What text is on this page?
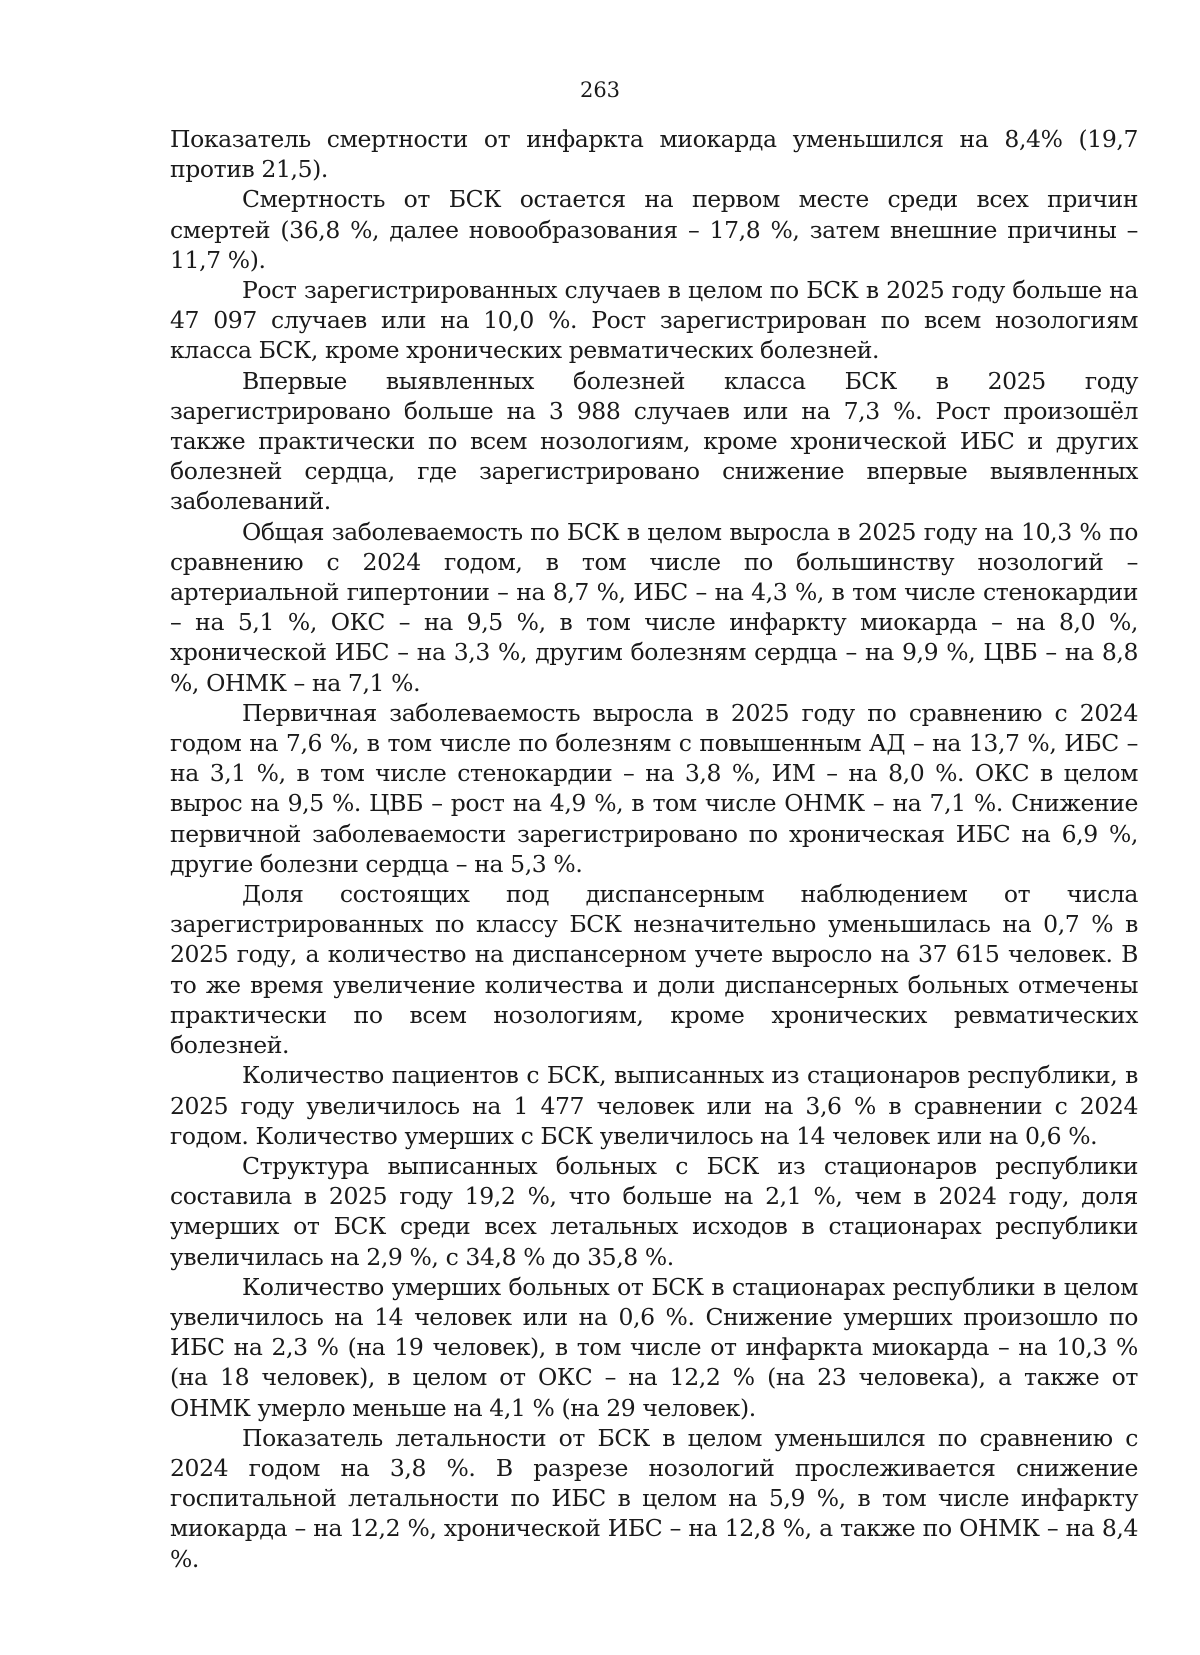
263

Показатель смертности от инфаркта миокарда уменьшился на 8,4% (19,7 против 21,5).

Смертность от БСК остается на первом месте среди всех причин смертей (36,8 %, далее новообразования – 17,8 %, затем внешние причины – 11,7 %).

Рост зарегистрированных случаев в целом по БСК в 2025 году больше на 47 097 случаев или на 10,0 %. Рост зарегистрирован по всем нозологиям класса БСК, кроме хронических ревматических болезней.

Впервые выявленных болезней класса БСК в 2025 году зарегистрировано больше на 3 988 случаев или на 7,3 %. Рост произошёл также практически по всем нозологиям, кроме хронической ИБС и других болезней сердца, где зарегистрировано снижение впервые выявленных заболеваний.

Общая заболеваемость по БСК в целом выросла в 2025 году на 10,3 % по сравнению с 2024 годом, в том числе по большинству нозологий – артериальной гипертонии – на 8,7 %, ИБС – на 4,3 %, в том числе стенокардии – на 5,1 %, ОКС – на 9,5 %, в том числе инфаркту миокарда – на 8,0 %, хронической ИБС – на 3,3 %, другим болезням сердца – на 9,9 %, ЦВБ – на 8,8 %, ОНМК – на 7,1 %.

Первичная заболеваемость выросла в 2025 году по сравнению с 2024 годом на 7,6 %, в том числе по болезням с повышенным АД – на 13,7 %, ИБС – на 3,1 %, в том числе стенокардии – на 3,8 %, ИМ – на 8,0 %. ОКС в целом вырос на 9,5 %. ЦВБ – рост на 4,9 %, в том числе ОНМК – на 7,1 %. Снижение первичной заболеваемости зарегистрировано по хроническая ИБС на 6,9 %, другие болезни сердца – на 5,3 %.

Доля состоящих под диспансерным наблюдением от числа зарегистрированных по классу БСК незначительно уменьшилась на 0,7 % в 2025 году, а количество на диспансерном учете выросло на 37 615 человек. В то же время увеличение количества и доли диспансерных больных отмечены практически по всем нозологиям, кроме хронических ревматических болезней.

Количество пациентов с БСК, выписанных из стационаров республики, в 2025 году увеличилось на 1 477 человек или на 3,6 % в сравнении с 2024 годом. Количество умерших с БСК увеличилось на 14 человек или на 0,6 %.

Структура выписанных больных с БСК из стационаров республики составила в 2025 году 19,2 %, что больше на 2,1 %, чем в 2024 году, доля умерших от БСК среди всех летальных исходов в стационарах республики увеличилась на 2,9 %, с 34,8 % до 35,8 %.

Количество умерших больных от БСК в стационарах республики в целом увеличилось на 14 человек или на 0,6 %. Снижение умерших произошло по ИБС на 2,3 % (на 19 человек), в том числе от инфаркта миокарда – на 10,3 % (на 18 человек), в целом от ОКС – на 12,2 % (на 23 человека), а также от ОНМК умерло меньше на 4,1 % (на 29 человек).

Показатель летальности от БСК в целом уменьшился по сравнению с 2024 годом на 3,8 %. В разрезе нозологий прослеживается снижение госпитальной летальности по ИБС в целом на 5,9 %, в том числе инфаркту миокарда – на 12,2 %, хронической ИБС – на 12,8 %, а также по ОНМК – на 8,4 %.
